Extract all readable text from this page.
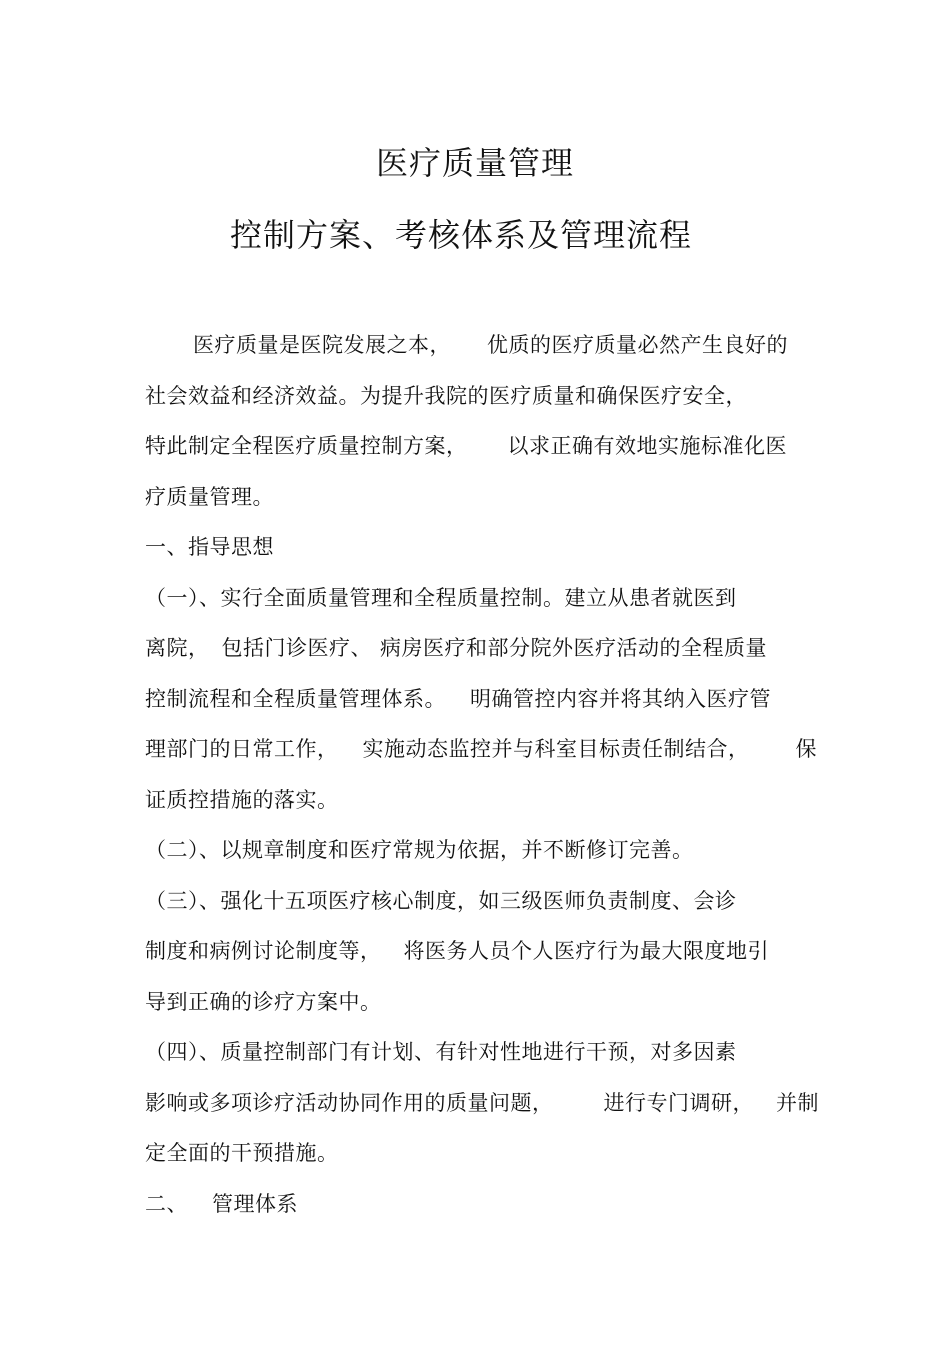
医疗质量管理
控制方案、考核体系及管理流程
医疗质量是医院发展之本， 优质的医疗质量必然产生良好的
社会效益和经济效益。为提升我院的医疗质量和确保医疗安全，
特此制定全程医疗质量控制方案， 以求正确有效地实施标准化医
疗质量管理。
一、指导思想
（一）、实行全面质量管理和全程质量控制。建立从患者就医到
离院， 包括门诊医疗、 病房医疗和部分院外医疗活动的全程质量
控制流程和全程质量管理体系。 明确管控内容并将其纳入医疗管
理部门的日常工作， 实施动态监控并与科室目标责任制结合， 保
证质控措施的落实。
（二）、以规章制度和医疗常规为依据，并不断修订完善。
（三）、强化十五项医疗核心制度，如三级医师负责制度、会诊
制度和病例讨论制度等， 将医务人员个人医疗行为最大限度地引
导到正确的诊疗方案中。
（四）、质量控制部门有计划、有针对性地进行干预，对多因素
影响或多项诊疗活动协同作用的质量问题， 进行专门调研， 并制
定全面的干预措施。
二、 管理体系
